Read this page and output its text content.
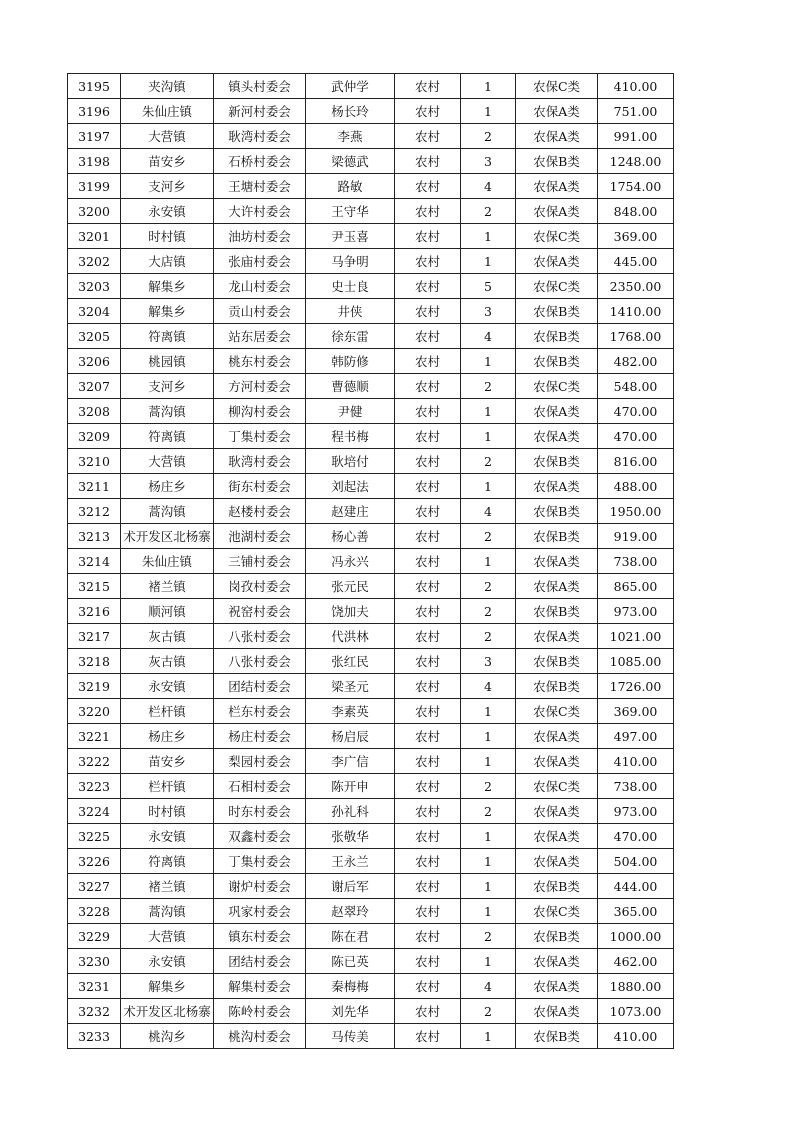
3195	夹沟镇	镇头村委会	武仲学	农村	1	农保C类	410.00
3196	朱仙庄镇	新河村委会	杨长玲	农村	1	农保A类	751.00
3197	大营镇	耿湾村委会	李燕	农村	2	农保A类	991.00
3198	苗安乡	石桥村委会	梁德武	农村	3	农保B类	1248.00
3199	支河乡	王塘村委会	路敏	农村	4	农保A类	1754.00
3200	永安镇	大许村委会	王守华	农村	2	农保A类	848.00
3201	时村镇	油坊村委会	尹玉喜	农村	1	农保C类	369.00
3202	大店镇	张庙村委会	马争明	农村	1	农保A类	445.00
3203	解集乡	龙山村委会	史士良	农村	5	农保C类	2350.00
3204	解集乡	贡山村委会	井侠	农村	3	农保B类	1410.00
3205	符离镇	站东居委会	徐东雷	农村	4	农保B类	1768.00
3206	桃园镇	桃东村委会	韩防修	农村	1	农保B类	482.00
3207	支河乡	方河村委会	曹德顺	农村	2	农保C类	548.00
3208	蒿沟镇	柳沟村委会	尹健	农村	1	农保A类	470.00
3209	符离镇	丁集村委会	程书梅	农村	1	农保A类	470.00
3210	大营镇	耿湾村委会	耿培付	农村	2	农保B类	816.00
3211	杨庄乡	街东村委会	刘起法	农村	1	农保A类	488.00
3212	蒿沟镇	赵楼村委会	赵建庄	农村	4	农保B类	1950.00
3213	术开发区北杨寨	池湖村委会	杨心善	农村	2	农保B类	919.00
3214	朱仙庄镇	三铺村委会	冯永兴	农村	1	农保A类	738.00
3215	褚兰镇	岗孜村委会	张元民	农村	2	农保A类	865.00
3216	顺河镇	祝窑村委会	饶加夫	农村	2	农保B类	973.00
3217	灰古镇	八张村委会	代洪林	农村	2	农保A类	1021.00
3218	灰古镇	八张村委会	张红民	农村	3	农保B类	1085.00
3219	永安镇	团结村委会	梁圣元	农村	4	农保B类	1726.00
3220	栏杆镇	栏东村委会	李素英	农村	1	农保C类	369.00
3221	杨庄乡	杨庄村委会	杨启辰	农村	1	农保A类	497.00
3222	苗安乡	梨园村委会	李广信	农村	1	农保A类	410.00
3223	栏杆镇	石相村委会	陈开申	农村	2	农保C类	738.00
3224	时村镇	时东村委会	孙礼科	农村	2	农保A类	973.00
3225	永安镇	双鑫村委会	张敬华	农村	1	农保A类	470.00
3226	符离镇	丁集村委会	王永兰	农村	1	农保A类	504.00
3227	褚兰镇	谢炉村委会	谢后军	农村	1	农保B类	444.00
3228	蒿沟镇	巩家村委会	赵翠玲	农村	1	农保C类	365.00
3229	大营镇	镇东村委会	陈在君	农村	2	农保B类	1000.00
3230	永安镇	团结村委会	陈已英	农村	1	农保A类	462.00
3231	解集乡	解集村委会	秦梅梅	农村	4	农保A类	1880.00
3232	术开发区北杨寨	陈岭村委会	刘先华	农村	2	农保A类	1073.00
3233	桃沟乡	桃沟村委会	马传美	农村	1	农保B类	410.00
